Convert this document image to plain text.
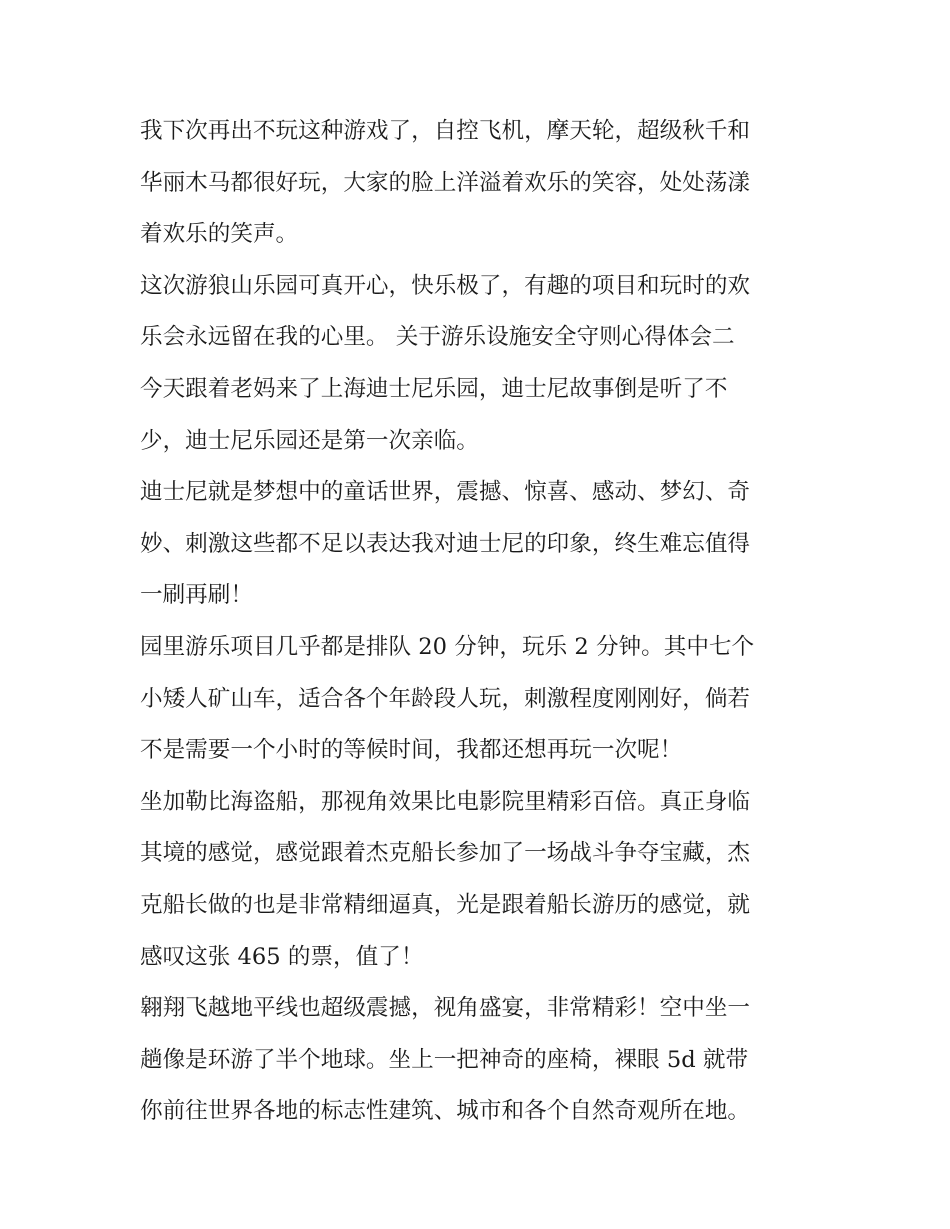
我下次再出不玩这种游戏了，自控飞机，摩天轮，超级秋千和

华丽木马都很好玩，大家的脸上洋溢着欢乐的笑容，处处荡漾

着欢乐的笑声。

这次游狼山乐园可真开心，快乐极了，有趣的项目和玩时的欢

乐会永远留在我的心里。 关于游乐设施安全守则心得体会二

今天跟着老妈来了上海迪士尼乐园，迪士尼故事倒是听了不

少，迪士尼乐园还是第一次亲临。

迪士尼就是梦想中的童话世界，震撼、惊喜、感动、梦幻、奇

妙、刺激这些都不足以表达我对迪士尼的印象，终生难忘值得

一刷再刷！

园里游乐项目几乎都是排队 20 分钟，玩乐 2 分钟。其中七个

小矮人矿山车，适合各个年龄段人玩，刺激程度刚刚好，倘若

不是需要一个小时的等候时间，我都还想再玩一次呢！

坐加勒比海盗船，那视角效果比电影院里精彩百倍。真正身临

其境的感觉，感觉跟着杰克船长参加了一场战斗争夺宝藏，杰

克船长做的也是非常精细逼真，光是跟着船长游历的感觉，就

感叹这张 465 的票，值了！

翱翔飞越地平线也超级震撼，视角盛宴，非常精彩！空中坐一

趟像是环游了半个地球。坐上一把神奇的座椅，裸眼 5d 就带

你前往世界各地的标志性建筑、城市和各个自然奇观所在地。
